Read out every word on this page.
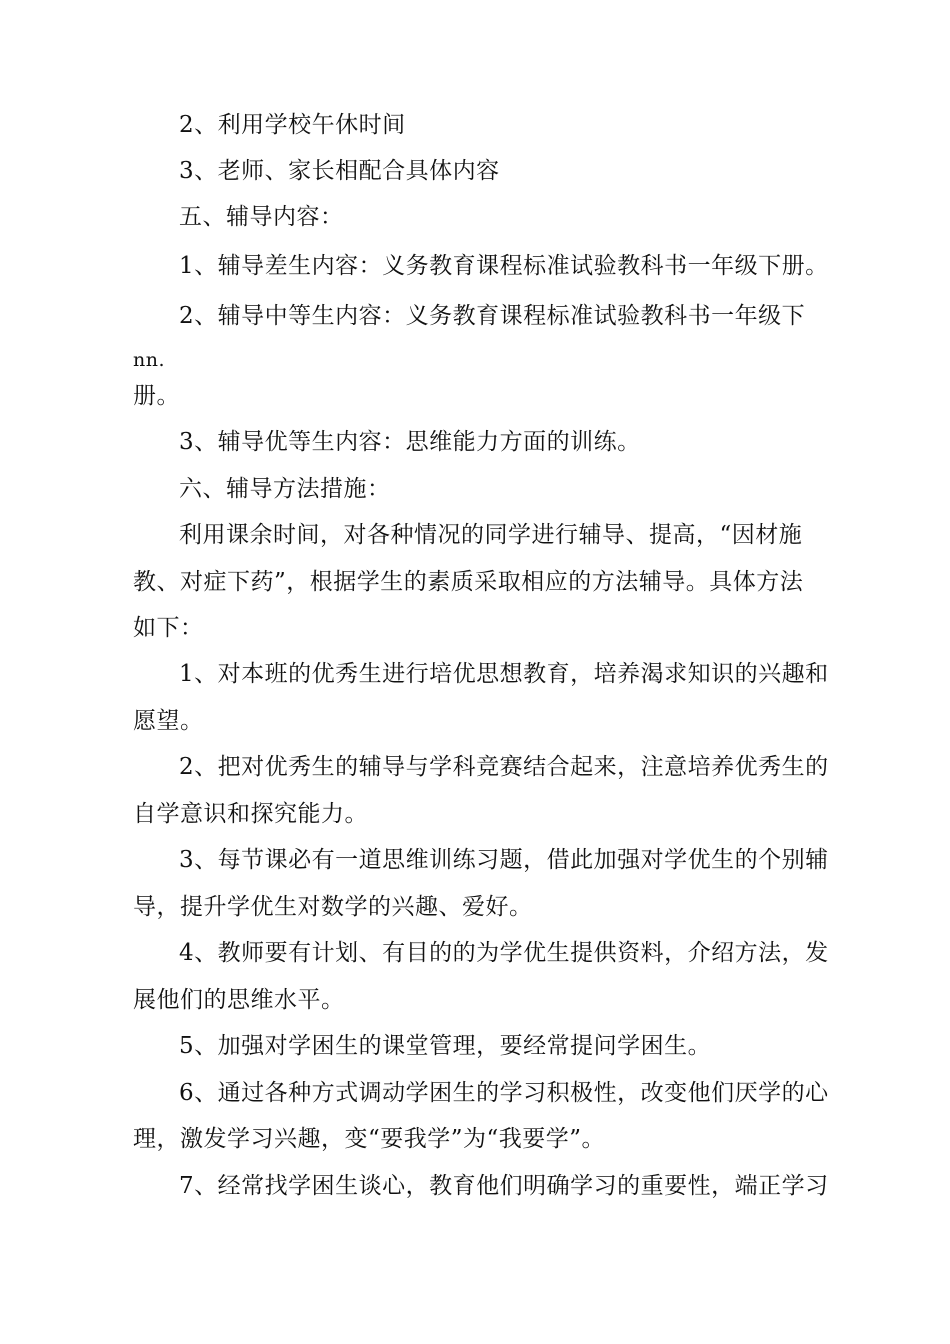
2、利用学校午休时间
3、老师、家长相配合具体内容
五、辅导内容：
1、辅导差生内容：义务教育课程标准试验教科书一年级下册。
2、辅导中等生内容：义务教育课程标准试验教科书一年级下
nn.
册。
3、辅导优等生内容：思维能力方面的训练。
六、辅导方法措施：
利用课余时间，对各种情况的同学进行辅导、提高，“因材施
教、对症下药”，根据学生的素质采取相应的方法辅导。具体方法
如下：
1、对本班的优秀生进行培优思想教育，培养渴求知识的兴趣和
愿望。
2、把对优秀生的辅导与学科竞赛结合起来，注意培养优秀生的
自学意识和探究能力。
3、每节课必有一道思维训练习题，借此加强对学优生的个别辅
导，提升学优生对数学的兴趣、爱好。
4、教师要有计划、有目的的为学优生提供资料，介绍方法，发
展他们的思维水平。
5、加强对学困生的课堂管理，要经常提问学困生。
6、通过各种方式调动学困生的学习积极性，改变他们厌学的心
理，激发学习兴趣，变“要我学”为“我要学”。
7、经常找学困生谈心，教育他们明确学习的重要性，端正学习
